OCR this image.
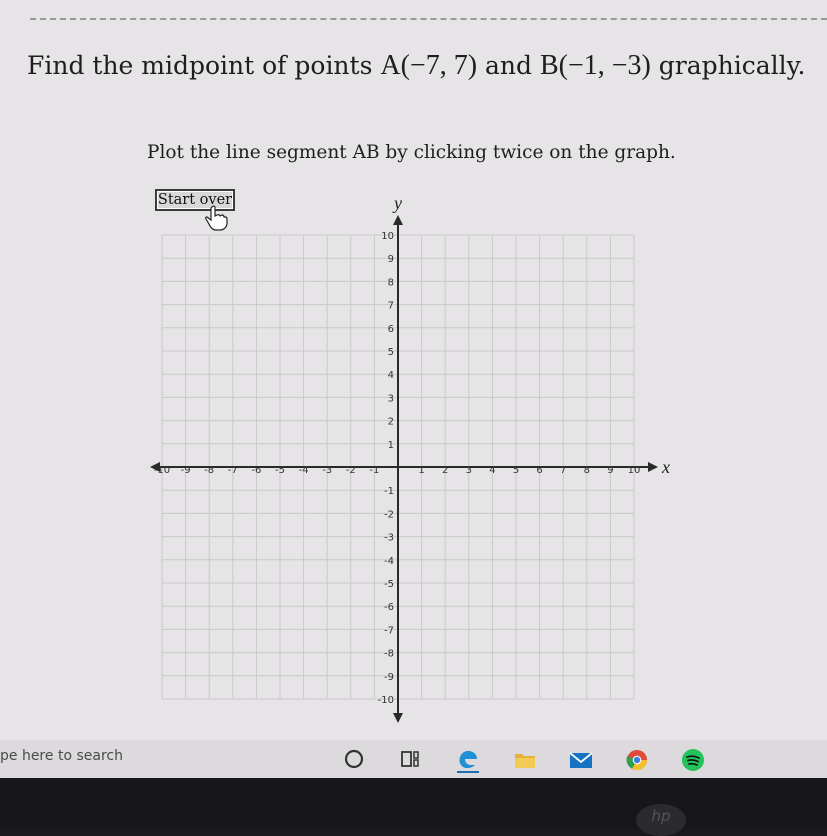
Find the midpoint of points A(−7, 7) and B(−1, −3) graphically.
Plot the line segment AB by clicking twice on the graph.
-10 -9 -8 -7 -6 -5 -4 -3 -2 -1	1 2 3 4 5 6 7 8 9 10
10
9
8
7
6
5
4
3
2
1
-1
-2
-3
-4
-5
-6
-7
-8
-9
-10
x
y
Start over
pe here to search
hp
